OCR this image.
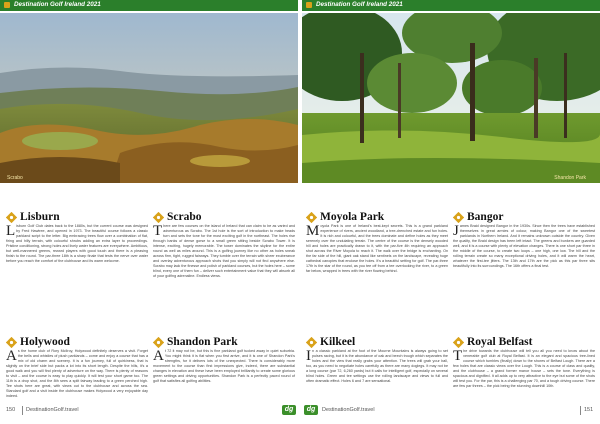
Destination Golf Ireland 2021
Scrabo
Lisburn
Lisburn Golf Club dates back to the 1880s, but the current course was designed by Fred Hawtree, and opened in 1973. The beautiful course follows a classic parkland script to the letter. Big embracing trees flow over a combination of flat, firing and hilly terrain, with colourful shrubs adding an extra layer to proceedings. Pristine conditioning, strong holes and lively water features are everywhere. Ambitious, but well-mannered greens, reward players with good touch and there is a pleasing finish to the round. The par-three 18th is a sharp finale that tests the nerve over water before you reach the comfort of the clubhouse and its warm welcome.
Holywood
As the home club of Rory McIlroy, Holywood definitely deserves a visit. Forget the bells and whistles of plush parklands – come and enjoy a course that has a mix of old charm and scenery. It is a fun journey, full of quirkiness, that is slightly on the brief side but packs a lot into its short length. Despite the hills, it's a good walk and you will find plenty of adventure on the way. There is plenty of reasons to visit – and the course is easy to play quickly. It will test your short game too. The 11th is a drop shot, and the 8th sees a split fairway leading to a green perched high. Tee shots here are great, with views out to the clubhouse and across the sea. Standard golf and a visit inside the clubhouse makes Holywood a very enjoyable day indeed.
Scrabo
There are few courses on the island of Ireland that can claim to be as varied and adventurous as Scrabo. The 1st hole is the sort of introduction to make heads turn and sets the tone for the most exciting golf in the northeast. The holes rise through banks of dense gorse to a small green sitting beside Scrabo Tower. It is intense, exciting, hugely memorable. The tower dominates the skyline for the entire round as well as miles around. This is a golfing journey like no other as holes sneak across firm, tight, rugged fairways. They tumble over the terrain with sheer exuberance and overlay adventurous approach shots that you simply will not find anywhere else. Scrabo may lack the finesse and polish of parkland courses, but the holes here – some blind, every one of them fun – deliver such entertainment value that they will absorb all of your golfing adrenaline. Endless views.
Shandon Park
At 72 it may not be, but this is fine parkland golf tucked away in quiet suburbia. You might think it is flat when you first arrive, and it is one of Shandon Park's strengths, for it delivers lots of the unexpected. There is considerably more movement to the course than first impressions give, indeed, there are substantial changes in elevation and these have been employed brilliantly to create some glorious green settings and driving opportunities. Shandon Park is a perfectly paced round of golf that satisfies all golfing abilities.
150 DestinationGolf.travel	dg
Destination Golf Ireland 2021
Shandon Park
Moyola Park
Moyola Park is one of Ireland's best-kept secrets. This is a grand parkland experience of rivers, ancient woodland, a tree-drenched estate and fun holes. It is rich and colourful, and the trees dominate and define holes as they meet serenely over the undulating terrain. The centre of the course is the densely wooded hill and holes are practically drawn to it, with the par-five 4th requiring an approach shot across the River Moyola to reach it. The walk over the bridge is enchanting. On the far side of the hill, giant oak stand like sentinels on the landscape, revealing huge cathedral canopies that enclose the holes. It's a beautiful setting for golf. The par-three 17th is the star of the round, as you tee off from a tee overlooking the river, to a green far below, wrapped in trees with the river flowing behind.
Kilkeel
In a classic parkland at the foot of the Mourne Mountains is always going to set pulses racing, but it is the abundance of oak and beech trough which separates the holes and the view that really grabs your attention. The trees will grab your ball, too, as you need to negotiate holes carefully as there are many doglegs. It may not be a long course (par 72, 6,260 yards) but it calls for intelligent golf, especially on several blind holes. Green and tee settings use the rolling landscape and views to full and often dramatic effect. Holes 6 and 7 are sensational.
Bangor
James Braid designed Bangor in the 1930s. Since then the trees have established themselves in great armies of colour, making Bangor one of the sweetest parklands in Northern Ireland. And it remains unknown outside the country. Given the quality, the Braid design has been left intact. The greens and bunkers are guarded well, and it is a course with plenty of elevation changes. There is one short par three in the middle of the course, to create two loops – one high, one low. The hill and the rolling terrain create so many exceptional driving holes, and it will warm the heart, whatever the first-tee jitters. The 13th and 17th are the pick as this par three sits beautifully into its surroundings. The 16th offers a final test.
Royal Belfast
The drive towards the clubhouse will tell you all you need to know about the venerable golf club at Royal Belfast. It is an elegant and spacious tree-lined course which tumbles (finally) down to the shores of Belfast Lough. There are a few holes that are classic views over the Lough. This is a course of class and quality, and the clubhouse – a grand former manor house – sets the tone. Everything is spacious and dignified. It all adds up to very attractive to the eye but some of the shots will test you. For the par, this is a challenging par 70, and a tough driving course. There are few par threes – the pick being the stunning downhill 10th.
dg	DestinationGolf.travel	151
